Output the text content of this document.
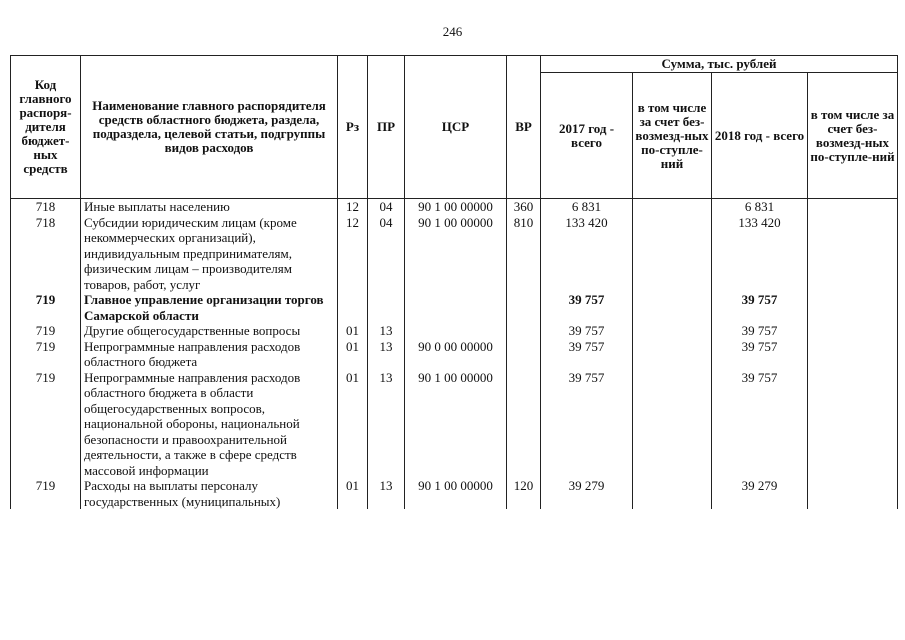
246
Код главного распоря-дителя бюджет-ных средств	Наименование главного распорядителя средств областного бюджета, раздела, подраздела, целевой статьи, подгруппы видов расходов	Рз	ПР	ЦСР	ВР	Сумма, тыс. рублей			
						2017 год - всего	в том числе за счет без-возмезд-ных по-ступле-ний	2018 год - всего	в том числе за счет без-возмезд-ных по-ступле-ний
718	Иные выплаты населению	12	04	90 1 00 00000	360	6 831		6 831	
718	Субсидии юридическим лицам (кроме некоммерческих организаций), индивидуальным предпринимателям, физическим лицам – производителям товаров, работ, услуг	12	04	90 1 00 00000	810	133 420		133 420	
719	Главное управление организации торгов Самарской области					39 757		39 757	
719	Другие общегосударственные вопросы	01	13			39 757		39 757	
719	Непрограммные направления расходов областного бюджета	01	13	90 0 00 00000		39 757		39 757	
719	Непрограммные направления расходов областного бюджета в области общегосударственных вопросов, национальной обороны, национальной безопасности и правоохранительной деятельности, а также в сфере средств массовой информации	01	13	90 1 00 00000		39 757		39 757	
719	Расходы на выплаты персоналу государственных (муниципальных)	01	13	90 1 00 00000	120	39 279		39 279	
